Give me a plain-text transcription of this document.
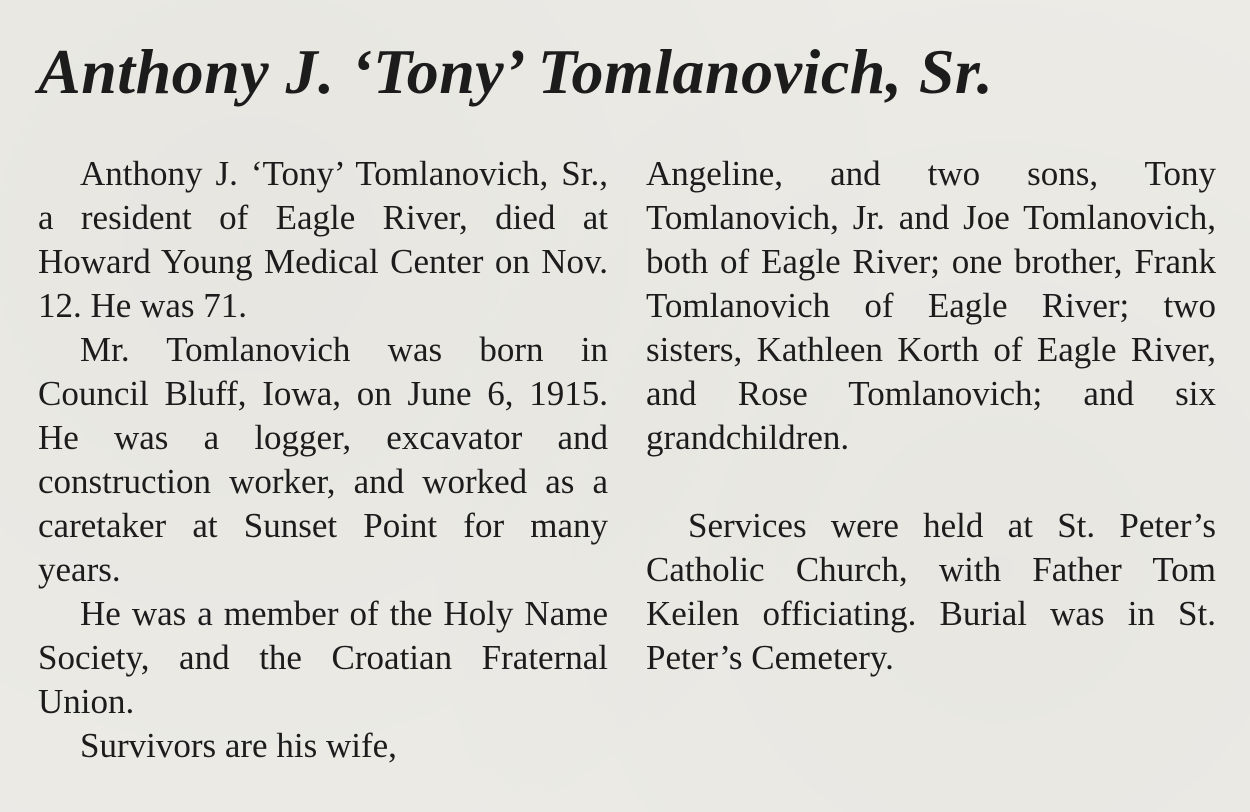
Anthony J. ‘Tony’ Tomlanovich, Sr.

Anthony J. ‘Tony’ Tomlanovich, Sr., a resident of Eagle River, died at Howard Young Medical Center on Nov. 12. He was 71.

Mr. Tomlanovich was born in Council Bluff, Iowa, on June 6, 1915. He was a logger, excavator and construction worker, and worked as a caretaker at Sunset Point for many years.

He was a member of the Holy Name Society, and the Croatian Fraternal Union.

Survivors are his wife,

Angeline, and two sons, Tony Tomlanovich, Jr. and Joe Tomlanovich, both of Eagle River; one brother, Frank Tomlanovich of Eagle River; two sisters, Kathleen Korth of Eagle River, and Rose Tomlanovich; and six grandchildren.

Services were held at St. Peter’s Catholic Church, with Father Tom Keilen officiating. Burial was in St. Peter’s Cemetery.
